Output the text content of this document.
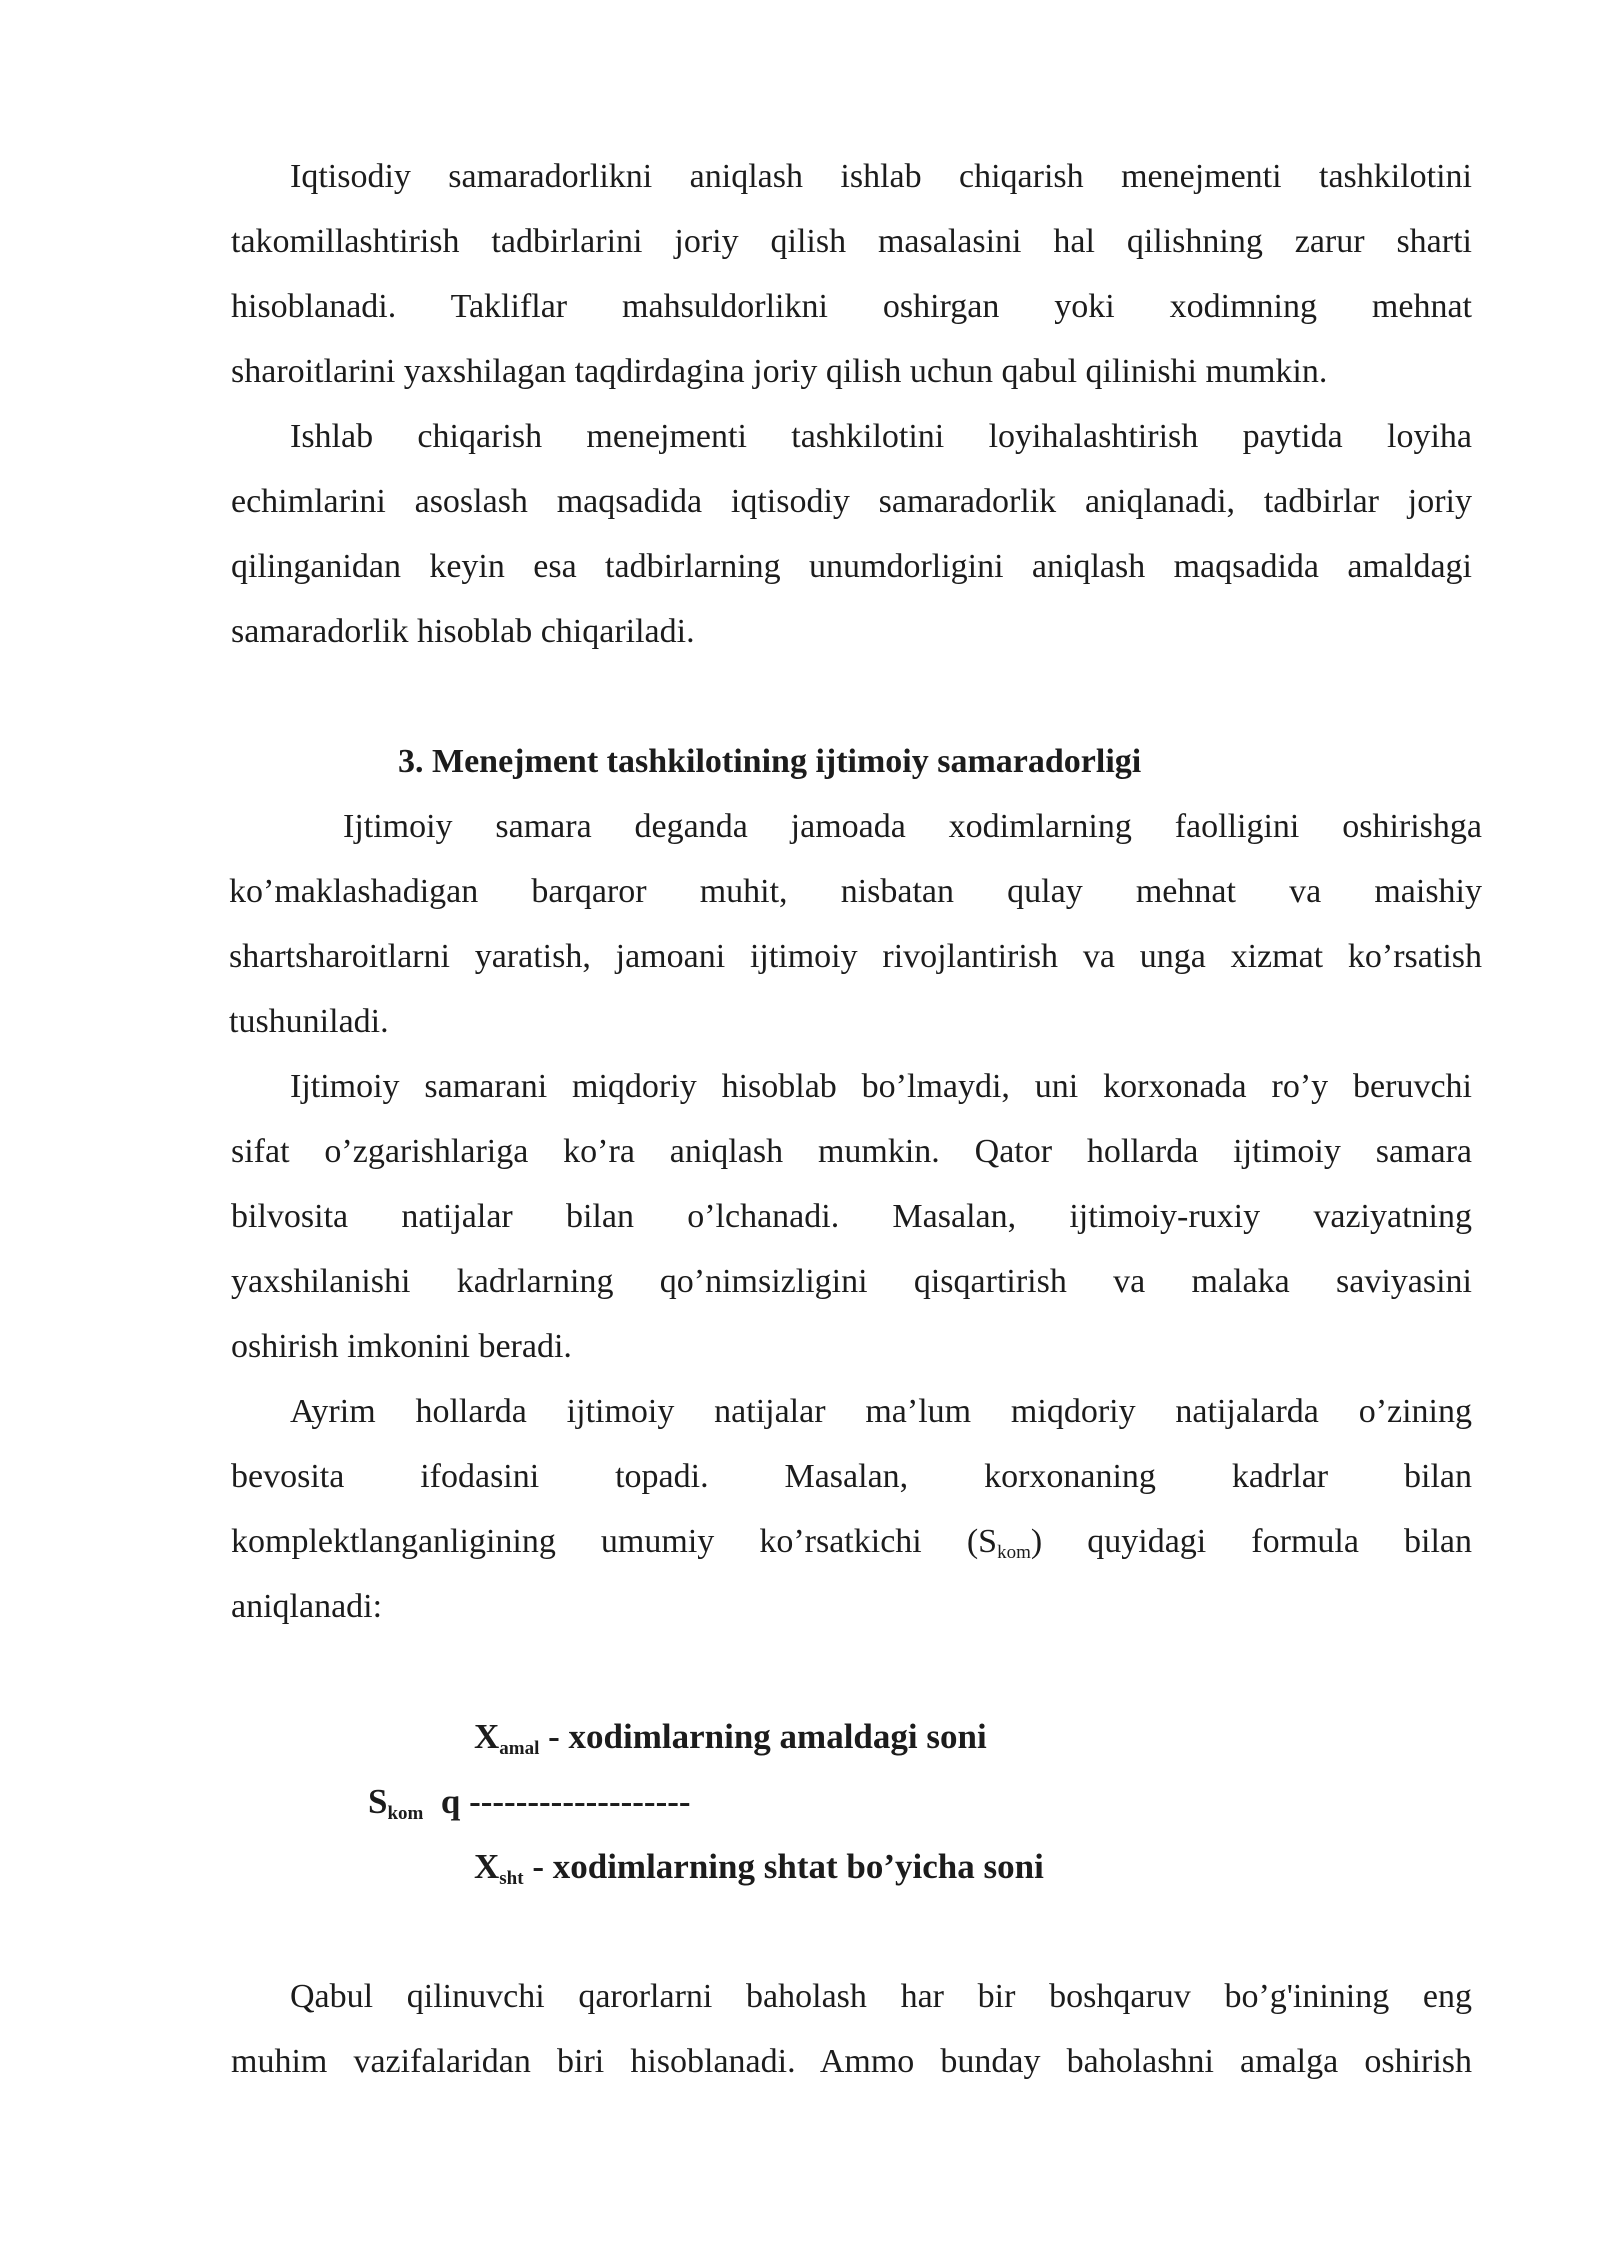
Iqtisodiy samaradorlikni aniqlash ishlab chiqarish menejmenti tashkilotini
takomillashtirish tadbirlarini joriy qilish masalasini hal qilishning zarur sharti
hisoblanadi. Takliflar mahsuldorlikni oshirgan yoki xodimning mehnat
sharoitlarini yaxshilagan taqdirdagina joriy qilish uchun qabul qilinishi mumkin.
Ishlab chiqarish menejmenti tashkilotini loyihalashtirish paytida loyiha
echimlarini asoslash maqsadida iqtisodiy samaradorlik aniqlanadi, tadbirlar joriy
qilinganidan keyin esa tadbirlarning unumdorligini aniqlash maqsadida amaldagi
samaradorlik hisoblab chiqariladi.
3. Menejment tashkilotining ijtimoiy samaradorligi
Ijtimoiy samara deganda jamoada xodimlarning faolligini oshirishga
ko’maklashadigan barqaror muhit, nisbatan qulay mehnat va maishiy
shartsharoitlarni yaratish, jamoani ijtimoiy rivojlantirish va unga xizmat ko’rsatish
tushuniladi.
Ijtimoiy samarani miqdoriy hisoblab bo’lmaydi, uni korxonada ro’y beruvchi
sifat o’zgarishlariga ko’ra aniqlash mumkin. Qator hollarda ijtimoiy samara
bilvosita natijalar bilan o’lchanadi. Masalan, ijtimoiy-ruxiy vaziyatning
yaxshilanishi kadrlarning qo’nimsizligini qisqartirish va malaka saviyasini
oshirish imkonini beradi.
Ayrim hollarda ijtimoiy natijalar ma’lum miqdoriy natijalarda o’zining
bevosita ifodasini topadi. Masalan, korxonaning kadrlar bilan
komplektlanganligining umumiy ko’rsatkichi (Skom) quyidagi formula bilan
aniqlanadi:
$X_{amal}$ - xodimlarning amaldagi soni
$S_{kom}$  q -------------------
$X_{sht}$ - xodimlarning shtat bo’yicha soni
Qabul qilinuvchi qarorlarni baholash har bir boshqaruv bo’g'inining eng
muhim vazifalaridan biri hisoblanadi. Ammo bunday baholashni amalga oshirish
